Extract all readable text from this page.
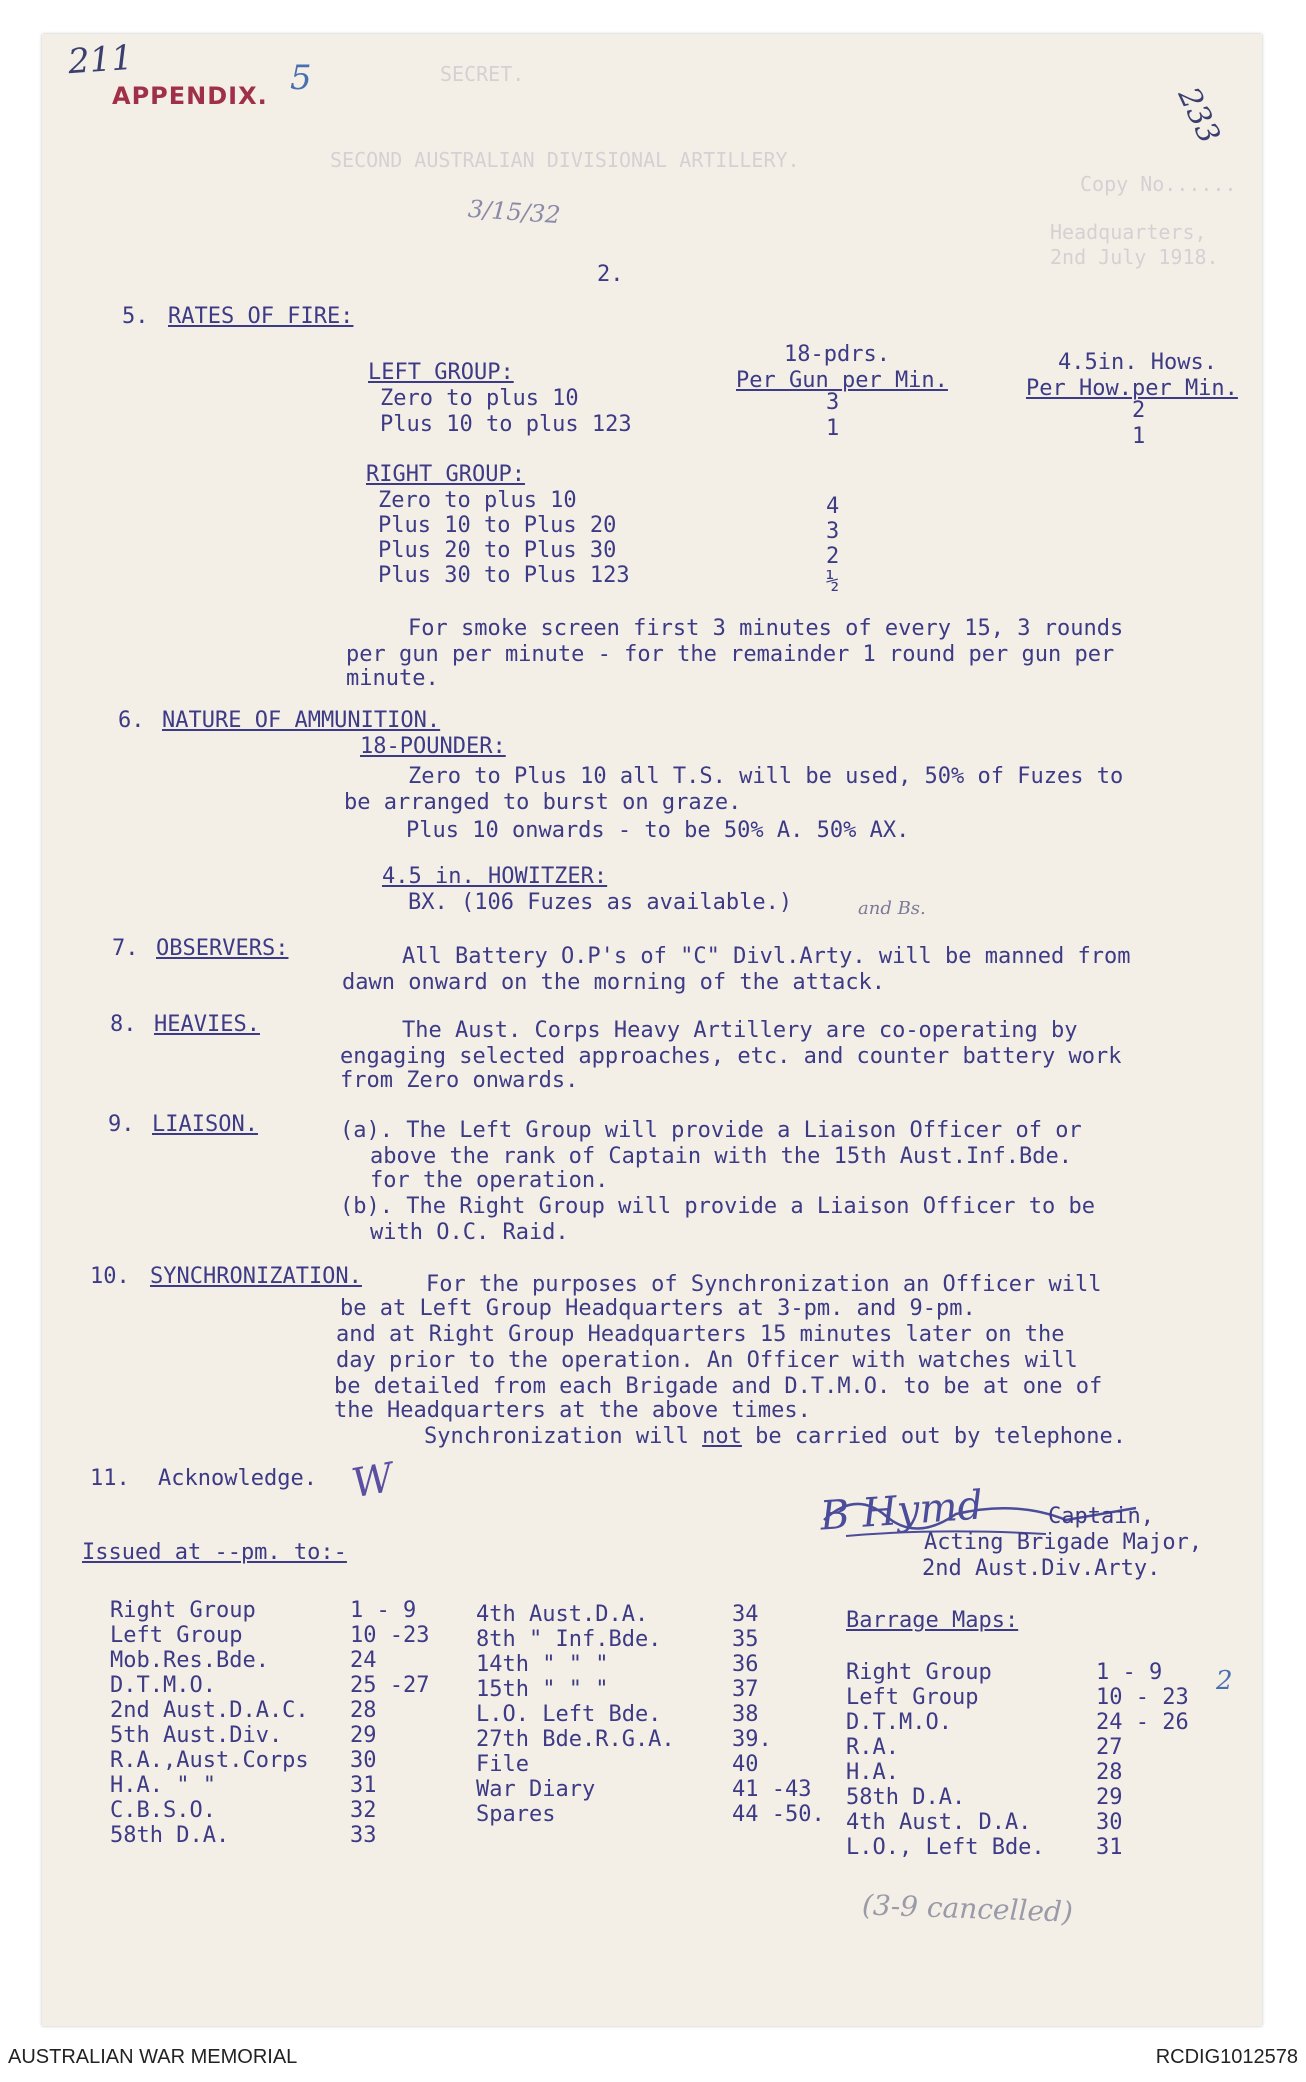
SECRET.
SECOND AUSTRALIAN DIVISIONAL ARTILLERY.
Copy No......
Headquarters,
2nd July 1918.
211
APPENDIX. 5
233
3/15/32
2.
5. RATES OF FIRE:
18-pdrs.
Per Gun per Min.
4.5in. Hows.
Per How.per Min.
LEFT GROUP:
Zero to plus 10	3	2
Plus 10 to plus 123	1	1
RIGHT GROUP:
Zero to plus 10	4
Plus 10 to Plus 20	3
Plus 20 to Plus 30	2
Plus 30 to Plus 123	½
For smoke screen first 3 minutes of every 15, 3 rounds
per gun per minute - for the remainder 1 round per gun per
minute.
6. NATURE OF AMMUNITION.
18-POUNDER:
Zero to Plus 10 all T.S. will be used, 50% of Fuzes to
be arranged to burst on graze.
Plus 10 onwards - to be 50% A. 50% AX.
4.5 in. HOWITZER:
BX. (106 Fuzes as available.)	and Bs.
7. OBSERVERS:	All Battery O.P's of "C" Divl.Arty. will be manned from
dawn onward on the morning of the attack.
8. HEAVIES.	The Aust. Corps Heavy Artillery are co-operating by
engaging selected approaches, etc. and counter battery work
from Zero onwards.
9. LIAISON.	(a). The Left Group will provide a Liaison Officer of or
above the rank of Captain with the 15th Aust.Inf.Bde.
for the operation.
(b). The Right Group will provide a Liaison Officer to be
with O.C. Raid.
10. SYNCHRONIZATION.	For the purposes of Synchronization an Officer will
be at Left Group Headquarters at 3-pm. and 9-pm.
and at Right Group Headquarters 15 minutes later on the
day prior to the operation. An Officer with watches will
be detailed from each Brigade and D.T.M.O. to be at one of
the Headquarters at the above times.
Synchronization will not be carried out by telephone.
11. Acknowledge. W
B Hymd	Captain,
Acting Brigade Major,
2nd Aust.Div.Arty.
Issued at --pm. to:-
Right Group	1 - 9
Left Group	10 -23
Mob.Res.Bde.	24
D.T.M.O.	25 -27
2nd Aust.D.A.C. 28
5th Aust.Div.	29
R.A.,Aust.Corps 30
H.A. " "	31
C.B.S.O.	32
58th D.A.	33
4th Aust.D.A.	34
8th " Inf.Bde.	35
14th " " "	36
15th " " "	37
L.O. Left Bde.	38
27th Bde.R.G.A.	39.
File	40
War Diary	41 -43
Spares	44 -50.
Barrage Maps:
Right Group	1 - 9
Left Group	10 - 23
D.T.M.O.	24 - 26
R.A.	27
H.A.	28
58th D.A.	29
4th Aust. D.A.	30
L.O., Left Bde. 31
2
(3-9 cancelled)
AUSTRALIAN WAR MEMORIAL	RCDIG1012578
